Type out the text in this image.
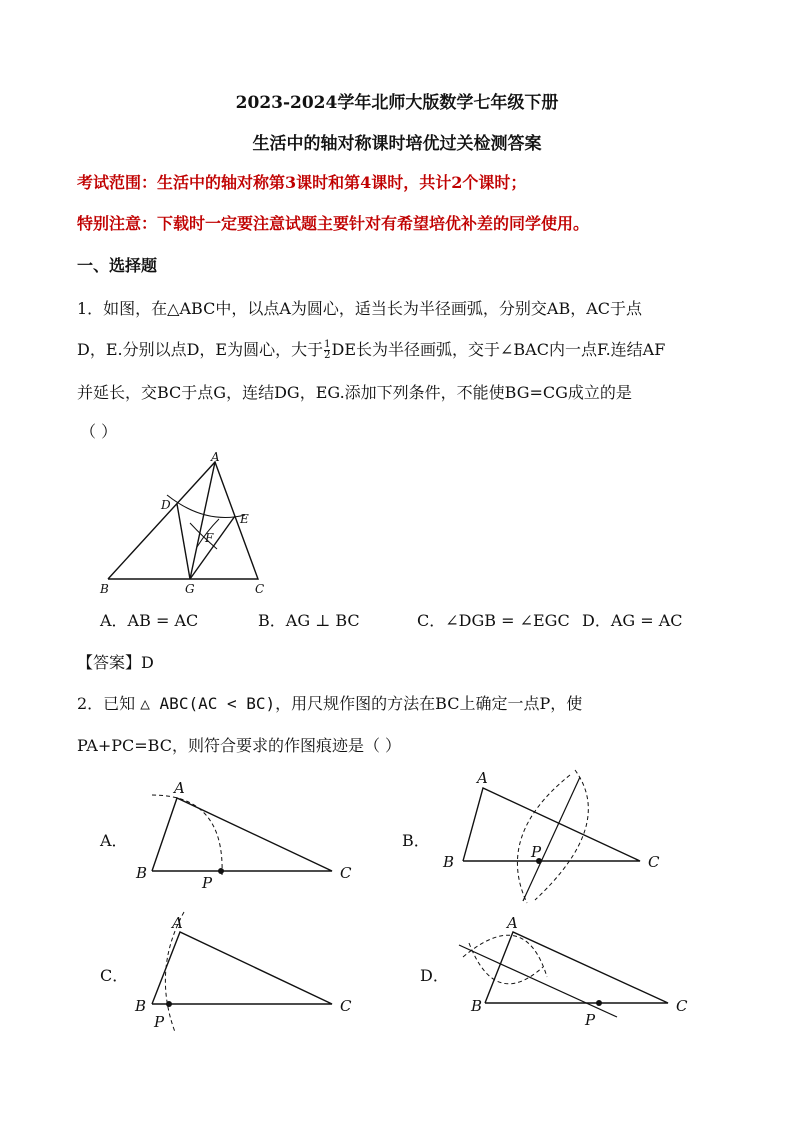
2023-2024学年北师大版数学七年级下册
生活中的轴对称课时培优过关检测答案
考试范围：生活中的轴对称第3课时和第4课时，共计2个课时；
特别注意：下载时一定要注意试题主要针对有希望培优补差的同学使用。
一、选择题
1．如图，在△ABC中，以点A为圆心，适当长为半径画弧，分别交AB，AC于点
D，E.分别以点D，E为圆心，大于 $\frac{1}{2}$ DE长为半径画弧，交于∠BAC内一点F.连结AF
并延长，交BC于点G，连结DG，EG.添加下列条件，不能使BG=CG成立的是
（ ）
A
D
E
F
B	G	C
A．AB = AC	B．AG ⊥ BC	C．∠DGB = ∠EGC D．AG = AC
【答案】D
2．已知 △ ABC(AC < BC)，用尺规作图的方法在BC上确定一点P，使
PA+PC=BC，则符合要求的作图痕迹是（ ）
A．	B．
C．	D．
A
B
P
C
A
B
P
C
A
B
P
C
A
B
P
C
